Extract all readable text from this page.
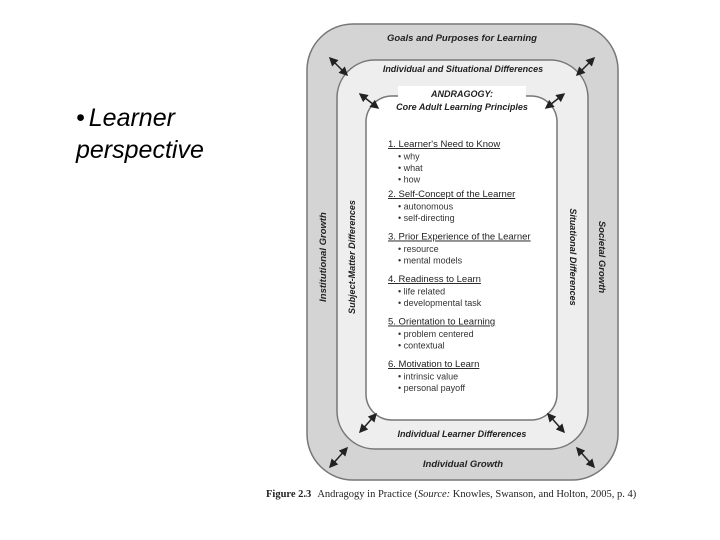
• Learner
perspective
Goals and Purposes for Learning
Individual Growth
Institutional Growth	Societal Growth
Individual and Situational Differences
Individual Learner Differences
Subject-Matter Differences	Situational Differences
ANDRAGOGY:
Core Adult Learning Principles
1. Learner's Need to Know
• why
• what
• how
2. Self-Concept of the Learner
• autonomous
• self-directing
3. Prior Experience of the Learner
• resource
• mental models
4. Readiness to Learn
• life related
• developmental task
5. Orientation to Learning
• problem centered
• contextual
6. Motivation to Learn
• intrinsic value
• personal payoff
Figure 2.3 Andragogy in Practice (Source: Knowles, Swanson, and Holton, 2005, p. 4)
